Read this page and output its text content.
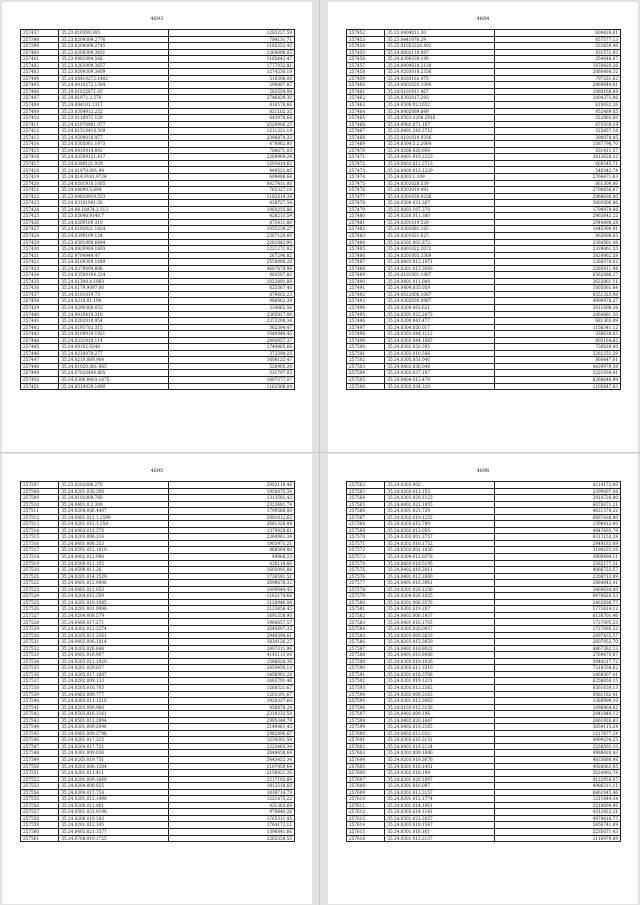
4693
257437	35.23.010309.305	1283227,59
257398	35.23.0209309.2776	704131,71
257399	35.23.0209308.2745	1185552,42
257400	35.23.0208309.3651	1264096,05
257401	35.23.0461094.542	1185443,47
257402	35.23.0263909.3657	1777032,81
257403	35.23.0209309.3409	1274530,19
257404	35.24.08410272.1402	516398,08
257405	35.24.0410272.1384	294897,87
257406	35.19.01022871.03	583554,08
257407	35.24.01972.2.570	2746839,30
257408	35.24.084101.1317	816578,66
257409	35.23.0304912.232	821102,32
257410	35.23.0116071.159	643978,68
257411	35.24.01970981.977	2529906,25
257412	35.24.81510418.509	1211321,19
257413	35.24.0509016.977	2396874,33
257414	35.24.0305061.1973	479862,80
257415	35.04.0410914.892	706671,03
257416	35.24.03509121.417	2289969,24
257417	35.24.0389121.939	1293414,62
257418	35.24.01970.091.94	449521,85
257419	35.24.014.9161.9724	699486,64
257420	35.24.0201910.1085	8427411,00
257421	35.24.04090.5.694	765327,10
257422	35.23.04620919.553	1182519,38
257423	35.24.03101901.56	438727,54
257424	35.24.04.18974.2.513	1960255,86
257425	35.23.02640.9140.7	428213,59
257426	35.24.0209109.310	875411,80
257427	35.24.0192021.1824	1055239,27
257428	35.24.0399109.124	2367129,60
257429	35.23.0301909.6494	2281842,90
257430	35.24.0920904.1693	1221271,82
257431	35.02.9704944.47	267296,82
257432	35.24.0109309.1649	2558996,20
257433	35.24.0279094.806	4687679,96
257434	35.24.03509104.324	963587,82
257435	35.24.01309.4.1960	1023891,89
257436	35.24.0179.9097.06	625367,40
257437	35.24.0101019.73	879602,23
257438	35.24.0210.01.198	986962,39
257439	35.24.0290308.052	324062,56
257440	35.24.9410419.310	2365917,00
257441	35.24.0202019.954	2373209,34
257442	35.24.0193702.315	362394,47
257443	35.24.0109919.1921	1040946,45
257444	35.24.0221010.114	2492657,37
257445	35.24.09102.0348	1744865,66
257446	35.24.0210070.277	372390,25
257447	35.24.0210.069.964	1608122,47
257448	35.24.01020.081.965	528905,24
257449	35.24.07020408.805	531797,05
257450	35.24.0306.8403.1675	1097377,07
257451	35.24.0519039.1680	1163566,09
4694
257452	35.23.0404011.30	600428,61
257453	35.23.0441076.29	657577,13
257454	35.25.01053226.492	333859,46
257455	35.24.0602119.987	831571,93
257456	35.24.0309339.199	354648,07
257457	35.24.0409618.2139	1870420,26
257458	35.24.0203018.2336	2060484,32
257459	35.24.0030183.475	797231,62
257460	35.24.0802020.1090	2969944,01
257461	35.24.0101911.467	1080168,69
257462	35.24.0302017.293	1004371,06
257463	35.24.0500.02.1652	619832,26
257464	35.24.0902089.849	952489,05
257465	35.24.0503.0206.2916	322865,60
257466	35.24.0902.071.167	875939,19
257467	35.23.0401.316.3712	325457,18
257468	35.23.0101010.9336	390078,05
257469	35.24.0304.5.2.2064	1587796,70
257470	35.24.0206.020.908	531411,57
257471	35.24.0401.910.2323	3813628,12
257472	35.24.0402.011.2713	669545,71
257473	35.24.0400.012.1229	548342,74
257474	35.24.0303.1.109	2766471,63
257475	35.24.0302028.539	861309,86
257476	35.24.0203019.491	2798856,67
257477	35.24.0301030.4236	2968636,00
257478	35.24.0500.031.267	5003006,86
257479	35.23.0003.107.270	1799979,66
257480	35.24.0220.011.380	2963642,22
257481	35.24.0201019.529	2944498,28
257482	35.24.0202081.183	1445390,91
257483	35.24.0201021.627	963008,65
257484	35.24.0201.002.872	3384581,48
257485	35.24.0801022.2072	2339061,55
257486	35.24.0201003.3369	3824962,58
257487	35.24.0403.012.1871	1286578,62
257488	35.24.0201.013.3093	2285411,44
257489	35.24.0101001.1987	6562986,27
257490	35.24.0401.011.089	3623861,11
257491	35.24.0404.035.059	1005061,84
257492	35.24.0022006.1087	8351323,98
257493	35.24.0302030.0987	4990978,27
257494	35.24.0200.061.621	3011008,38
257495	35.24.0301.022.2073	2464881,30
257496	35.24.0200.041.477	681365,99
257497	35.24.0304.020.017	1156341,12
257498	35.24.0303.044.1112	338638,65
257499	35.24.0303.044.1087	905164,62
257500	35.24.0302.033.395	736628,00
257501	35.24.0303.010.586	3282251,59
257502	35.24.0305.051.040	860447,01
257503	35.24.0402.036.044	4439979,38
257504	35.24.0303.037.107	3221934,41
257505	35.24.0404.012.479	8288646,99
257506	35.24.0303.034.329	1105647,83
4695
257507	35.23.0202006.270	2902118,46
257508	35.24.0201.036.200	1950075,38
257509	35.24.0101009.760	1313581,43
257510	35.24.0401.0.2.309	2323681,74
257511	35.24.0204.006.4407	1799566,00
257512	35.24.0401.012.1.2599	2001012,62
257513	35.24.0201.012.1.358	2661328,08
257514	35.24.0403.012.370	1379828,61
257515	35.24.0203.006.316	2384961,34
257516	35.24.0401.008.253	1903971,21
257517	35.24.0501.012.1610	868564,80
257518	35.24.0402.012.940	49868,23
257519	35.24.0500.011.105	426118,86
257520	35.24.0500.011.26	1603091,84
257521	35.24.0201.014.1529	1736591,51
257522	35.24.0401.012.0906	2699678,32
257523	35.24.0401.012.053	1499044,45
257524	35.24.0204.012.359	1162174,66
257525	35.24.0201.010.1085	1128946,08
257526	35.24.0201.001.0986	2123456,45
257527	35.24.0204.008.579	1691558,90
257528	35.24.0400.017.271	1960657,57
257529	35.24.0302.012.2274	2645697,35
257530	35.24.0205.021.2361	2948394,61
257531	35.24.0402.006.1014	3834136,27
257532	35.24.0202.026.648	2897311,96
257533	35.24.0401.016.907	4145113,04
257534	35.24.0203.011.1920	1586628,36
257535	35.24.0201.029.037	2859450,13
257536	35.24.0205.017.1687	1456961,28
257537	35.24.0202.009.133	1663791,46
257538	35.24.0205.016.703	1268521,67
257539	35.24.0402.009.777	1203391,67
257540	35.24.0303.011.1310	1920337,60
257541	35.24.0203.009.960	458878,28
257542	35.24.0503.016.1161	2319233,58
257543	35.24.0501.012.2894	2995349,79
257544	35.24.0301.009.2996	2149461,45
257545	35.24.0401.009.2796	2982896,67
257546	35.24.0201.017.225	1234301,54
257547	35.24.0204.017.721	1223463,34
257548	35.24.0301.009.036	2848458,64
257549	35.24.0203.019.751	5443452,34
257550	35.24.0203.006.1284	2107959,64
257551	35.24.0201.011.411	2156821,26
257552	35.24.0201.009.1069	2217192,89
257553	35.24.0204.009.025	1813518,60
257554	35.24.0304.017.754	1039714,79
257555	35.24.0201.012.1490	1221875,22
257556	35.24.0200.011.061	421363,69
257557	35.24.0501.031.0196	979840,26
257558	35.24.0206.019.343	1765311,95
257559	35.24.0201.012.345	1764172,11
257560	35.24.0402.021.3377	1396841,66
257561	35.24.0708.019.1725	3265358,55
4696
257562	35.24.0203.002	4214172,00
257563	35.24.0203.011.153	2399097,08
257564	35.24.0303.020.1123	2910728,80
257565	35.24.0401.021.1955	6076071,21
257566	35.24.0301.021.729	4021374,22
257567	35.24.0202.019.1222	6667436,80
257568	35.24.0203.012.780	1396412,60
257569	35.24.0302.012.050	4847693,79
257570	35.24.0203.001.2757	6317153,28
257571	35.24.0202.016.1752	2949183,09
257572	35.24.0502.001.1026	3194225,16
257573	35.24.0204.012.0378	3900494,11
257574	35.24.0403.018.5195	3582177,31
257575	35.24.0402.016.2011	4066723,57
257576	35.24.0401.012.2060	2208712,09
257577	35.24.0401.016.3961	2684643,41
257578	35.24.0201.020.1250	3469634,00
257579	35.24.0204.020.1025	8476620,53
257580	35.24.0201.006.3576	3462836,77
257581	35.24.0302.019.207	5771614,12
257582	35.24.0402.006.1937	6126701,46
257583	35.24.0401.016.1705	1727095,23
257584	35.24.0203.020.0937	1727095,32
257585	35.24.0203.009.2633	2697435,57
257586	35.24.0203.015.3659	2607952,70
257587	35.24.0402.018.8022	4867382,13
257588	35.24.0401.010.8986	2769470,67
257589	35.24.0303.019.1026	5944217,72
257590	35.24.0303.011.1010	7318338,62
257591	35.24.0301.016.3708	1469307,41
257592	35.24.0201.019.1271	6258659,15
257593	35.24.0203.012.2382	6561639,13
257594	35.24.0202.009.2163	5981182,41
257595	35.24.0201.012.3063	1380999,10
257596	35.24.0103.012.3156	1096864,62
257597	35.24.0402.009.196	2941840,12
257598	35.24.0402.020.1047	2661926,83
257599	35.24.0402.019.2165	3659115,24
257600	35.24.0402.012.032	1217877,14
257601	35.24.0303.016.2131	4999234,25
257602	35.24.0402.016.2124	2238593,10
257603	35.24.0302.009.1080	4988420,43
257604	35.24.0203.016.3076	4833686,98
257605	35.24.0301.016.1451	4928063,05
257606	35.24.0302.016.198	3024892,74
257607	35.24.0301.020.1097	9122954,07
257608	35.24.0301.016.097	4986311,11
257609	35.24.0203.013.2157	6861945,46
257610	35.24.0201.012.1774	1211844,34
257611	35.24.0301.014.1961	3218694,96
257612	35.24.0303.014.1141	4312923,21
257613	35.24.0501.021.2057	4979616,77
257614	35.24.0303.019.1547	5456741,69
257615	35.24.0301.016.161	5235071,43
257616	35.24.0301.013.2137	2116979,89
